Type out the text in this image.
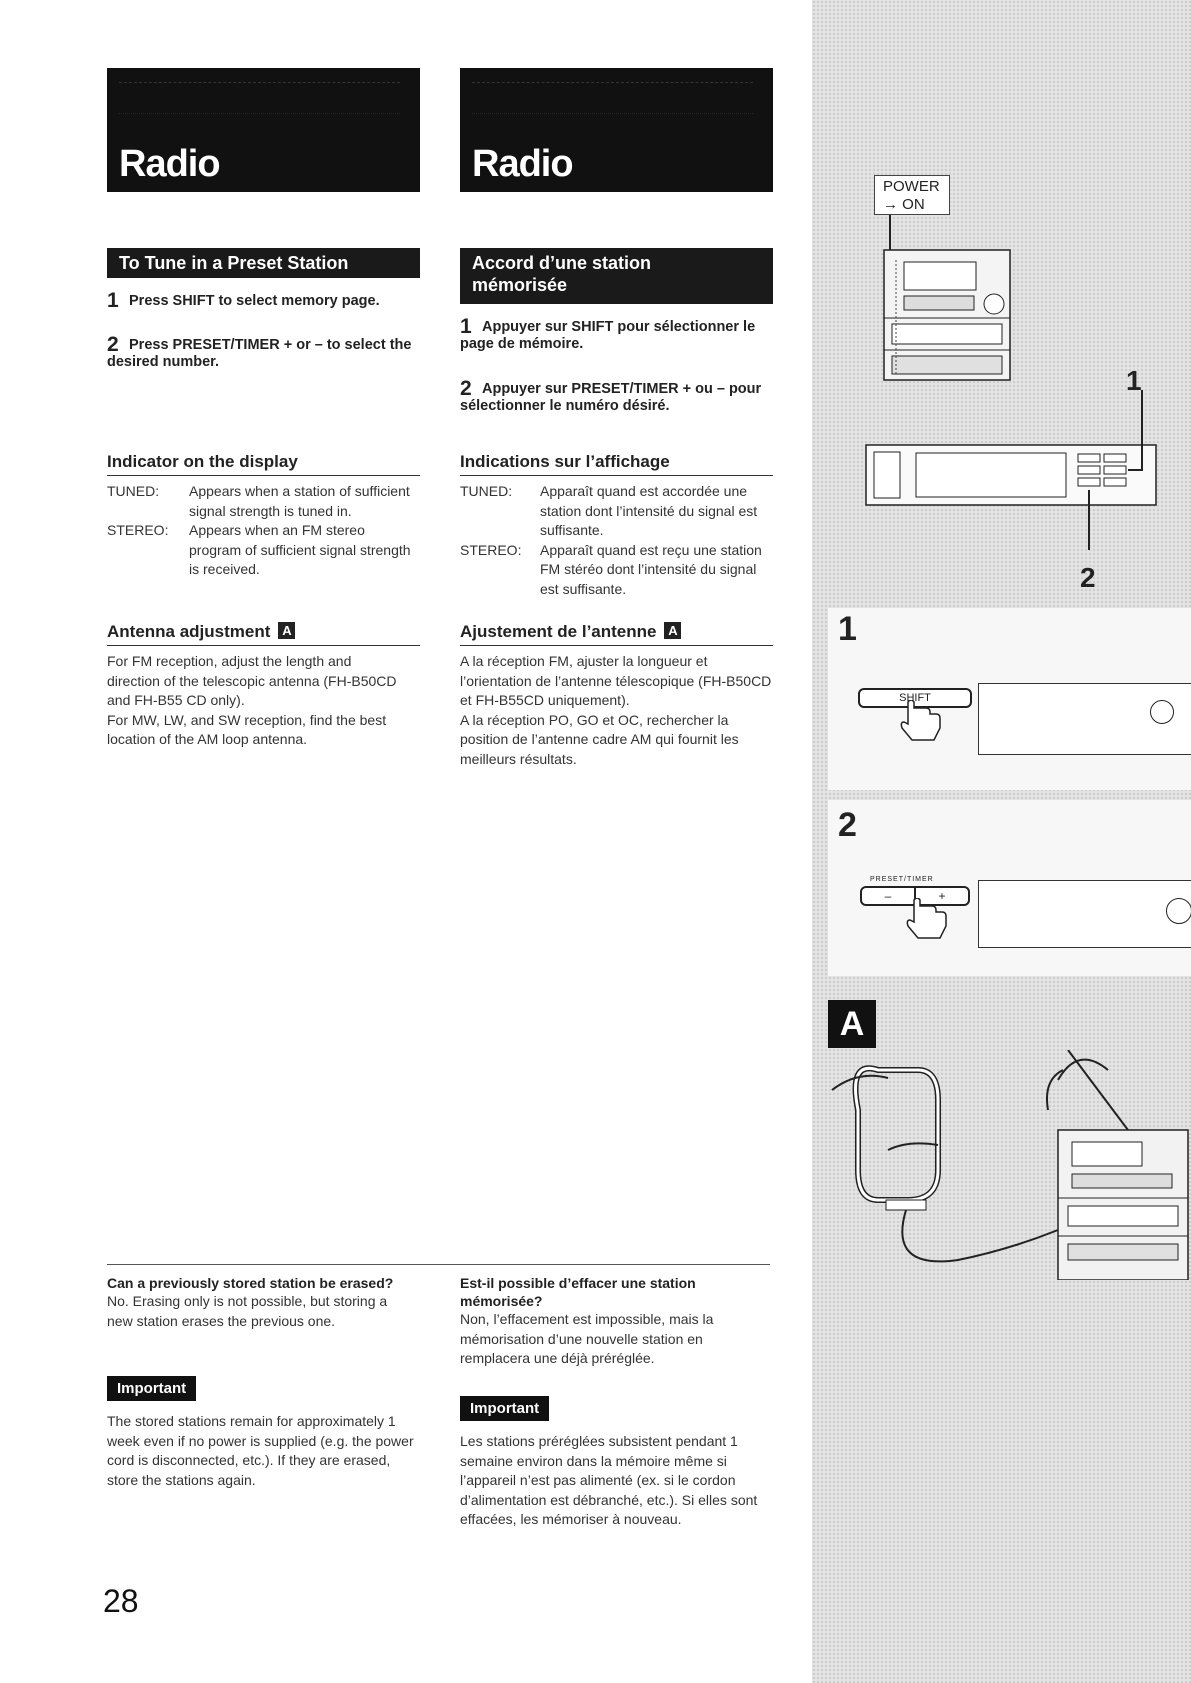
Radio
To Tune in a Preset Station
1 Press SHIFT to select memory page.
2 Press PRESET/TIMER + or – to select the desired number.
Indicator on the display
TUNED:	Appears when a station of sufficient signal strength is tuned in.
STEREO:	Appears when an FM stereo program of sufficient signal strength is received.
Antenna adjustment A
For FM reception, adjust the length and direction of the telescopic antenna (FH-B50CD and FH-B55 CD only).
For MW, LW, and SW reception, find the best location of the AM loop antenna.
Can a previously stored station be erased?
No. Erasing only is not possible, but storing a new station erases the previous one.
Important
The stored stations remain for approximately 1 week even if no power is supplied (e.g. the power cord is disconnected, etc.). If they are erased, store the stations again.
28
Radio
Accord d’une station
mémorisée
1 Appuyer sur SHIFT pour sélectionner le page de mémoire.
2 Appuyer sur PRESET/TIMER + ou – pour sélectionner le numéro désiré.
Indications sur l’affichage
TUNED:	Apparaît quand est accordée une station dont l’intensité du signal est suffisante.
STEREO:	Apparaît quand est reçu une station FM stéréo dont l’intensité du signal est suffisante.
Ajustement de l’antenne A
A la réception FM, ajuster la longueur et l’orientation de l’antenne télescopique (FH-B50CD et FH-B55CD uniquement).
A la réception PO, GO et OC, rechercher la position de l’antenne cadre AM qui fournit les meilleurs résultats.
Est-il possible d’effacer une station mémorisée?
Non, l’effacement est impossible, mais la mémorisation d’une nouvelle station en remplacera une déjà préréglée.
Important
Les stations préréglées subsistent pendant 1 semaine environ dans la mémoire même si l’appareil n’est pas alimenté (ex. si le cordon d’alimentation est débranché, etc.). Si elles sont effacées, les mémoriser à nouveau.
POWER
→ ON
1
2
1
SHIFT
2
PRESET/TIMER
–	+
A
